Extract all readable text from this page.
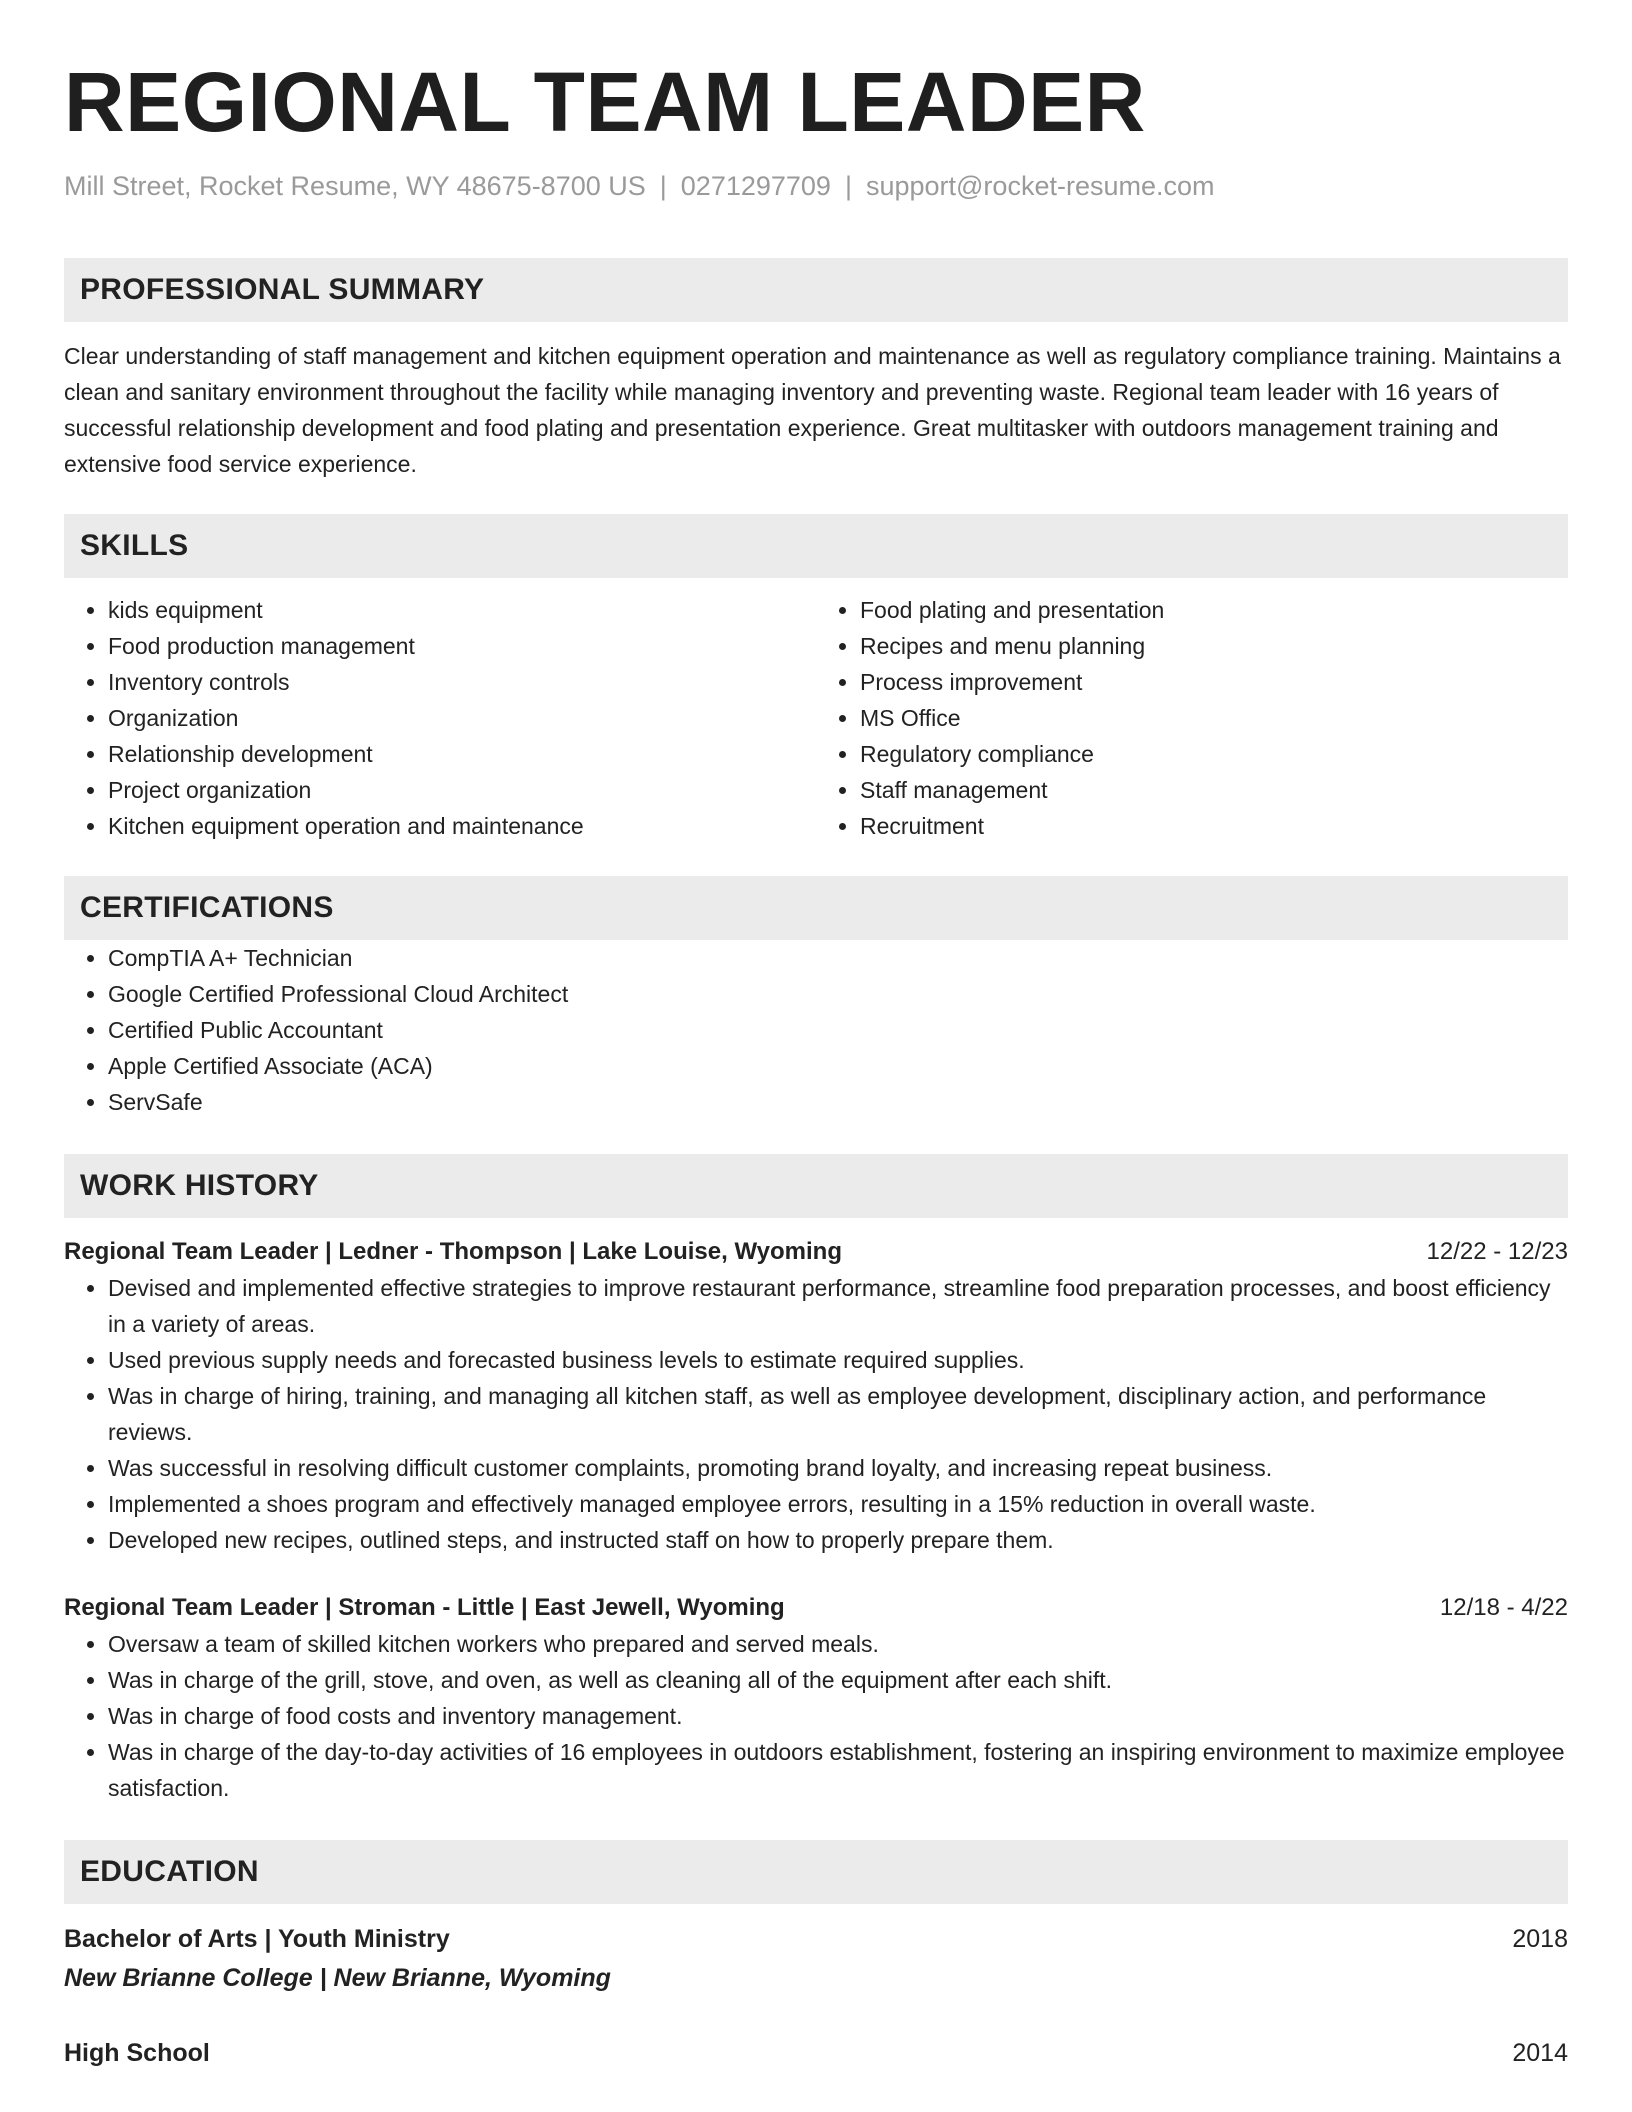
REGIONAL TEAM LEADER
Mill Street, Rocket Resume, WY 48675-8700 US | 0271297709 | support@rocket-resume.com
PROFESSIONAL SUMMARY

Clear understanding of staff management and kitchen equipment operation and maintenance as well as regulatory compliance training. Maintains a clean and sanitary environment throughout the facility while managing inventory and preventing waste. Regional team leader with 16 years of successful relationship development and food plating and presentation experience. Great multitasker with outdoors management training and extensive food service experience.

SKILLS
• kids equipment
• Food production management
• Inventory controls
• Organization
• Relationship development
• Project organization
• Kitchen equipment operation and maintenance
• Food plating and presentation
• Recipes and menu planning
• Process improvement
• MS Office
• Regulatory compliance
• Staff management
• Recruitment
CERTIFICATIONS
• CompTIA A+ Technician
• Google Certified Professional Cloud Architect
• Certified Public Accountant
• Apple Certified Associate (ACA)
• ServSafe
WORK HISTORY
Regional Team Leader | Ledner - Thompson | Lake Louise, Wyoming	12/22 - 12/23
• Devised and implemented effective strategies to improve restaurant performance, streamline food preparation processes, and boost efficiency in a variety of areas.
• Used previous supply needs and forecasted business levels to estimate required supplies.
• Was in charge of hiring, training, and managing all kitchen staff, as well as employee development, disciplinary action, and performance reviews.
• Was successful in resolving difficult customer complaints, promoting brand loyalty, and increasing repeat business.
• Implemented a shoes program and effectively managed employee errors, resulting in a 15% reduction in overall waste.
• Developed new recipes, outlined steps, and instructed staff on how to properly prepare them.
Regional Team Leader | Stroman - Little | East Jewell, Wyoming	12/18 - 4/22
• Oversaw a team of skilled kitchen workers who prepared and served meals.
• Was in charge of the grill, stove, and oven, as well as cleaning all of the equipment after each shift.
• Was in charge of food costs and inventory management.
• Was in charge of the day-to-day activities of 16 employees in outdoors establishment, fostering an inspiring environment to maximize employee satisfaction.
EDUCATION
Bachelor of Arts | Youth Ministry	2018
New Brianne College | New Brianne, Wyoming
High School	2014
